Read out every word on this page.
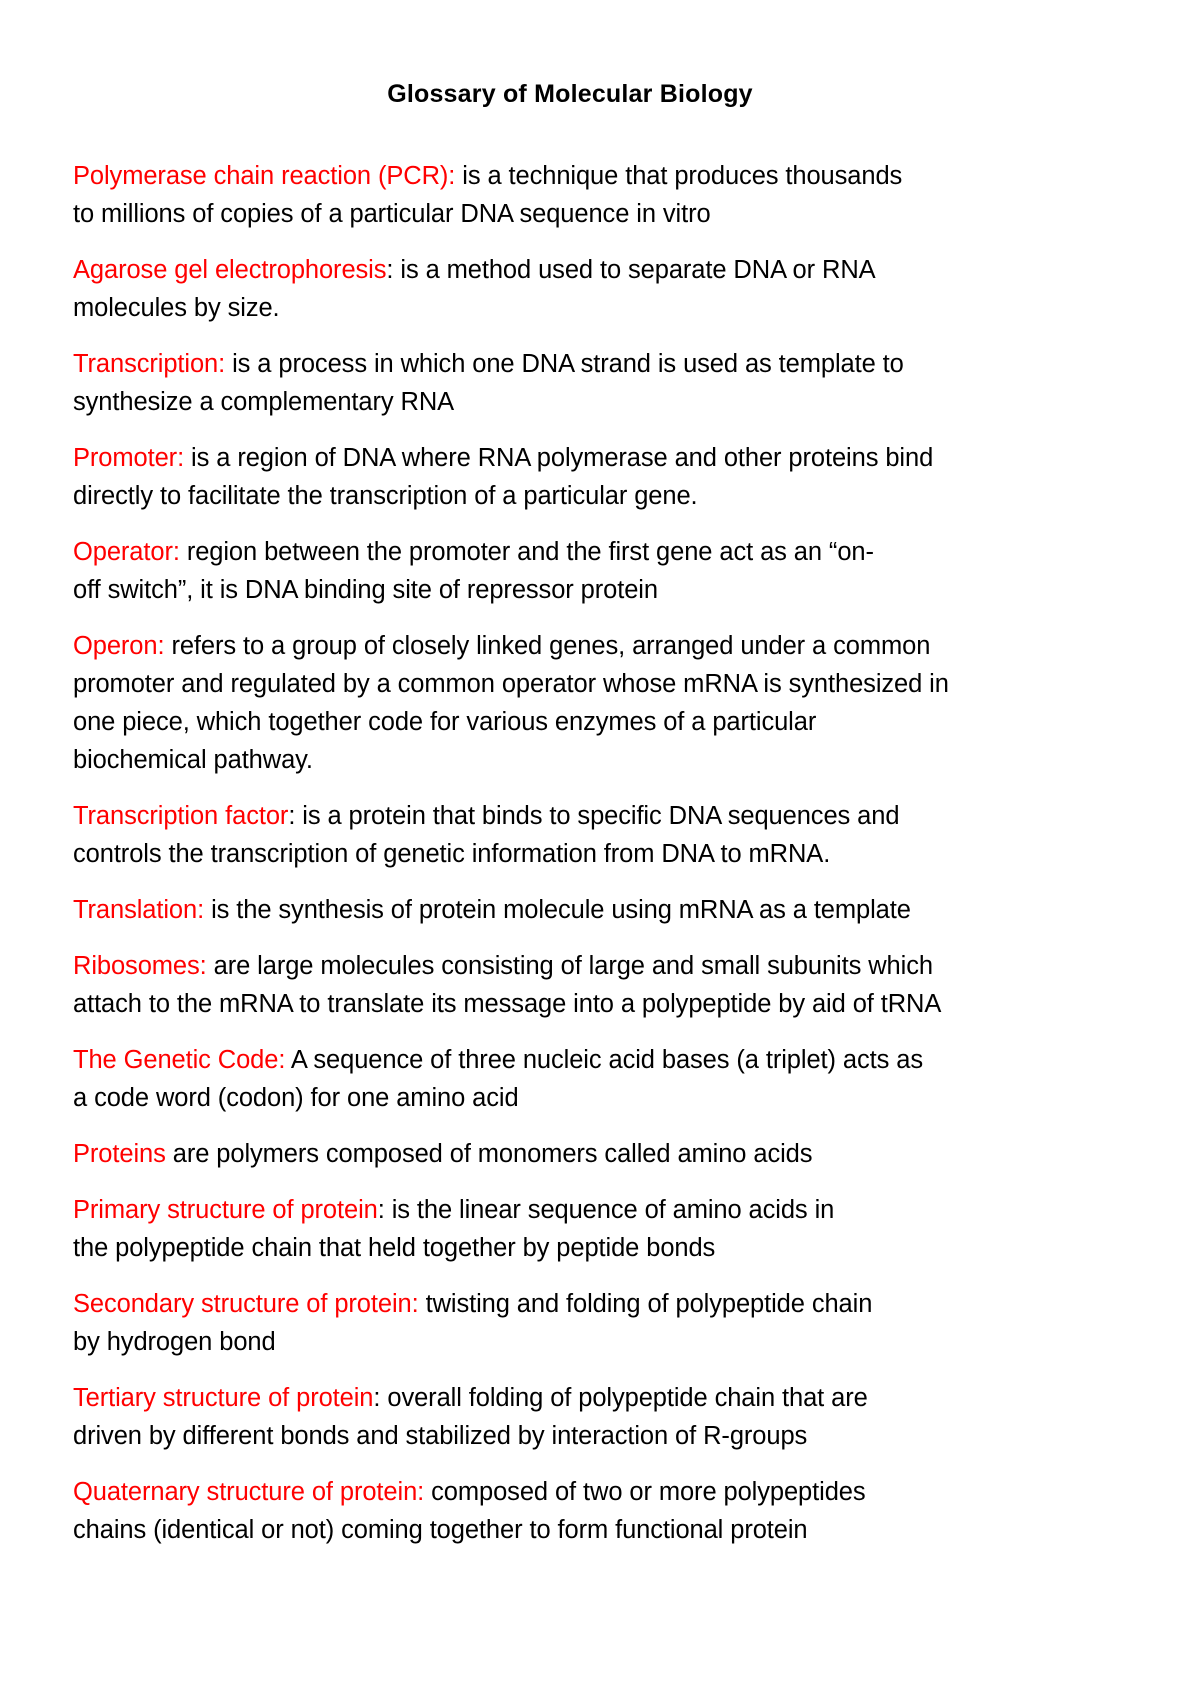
Glossary of Molecular Biology
Polymerase chain reaction (PCR): is a technique that produces thousands
to millions of copies of a particular DNA sequence in vitro
Agarose gel electrophoresis: is a method used to separate DNA or RNA
molecules by size.
Transcription: is a process in which one DNA strand is used as template to
synthesize a complementary RNA
Promoter: is a region of DNA where RNA polymerase and other proteins bind
directly to facilitate the transcription of a particular gene.
Operator: region between the promoter and the first gene act as an “on-
off switch”, it is DNA binding site of repressor protein
Operon: refers to a group of closely linked genes, arranged under a common
promoter and regulated by a common operator whose mRNA is synthesized in
one piece, which together code for various enzymes of a particular
biochemical pathway.
Transcription factor: is a protein that binds to specific DNA sequences and
controls the transcription of genetic information from DNA to mRNA.
Translation: is the synthesis of protein molecule using mRNA as a template
Ribosomes: are large molecules consisting of large and small subunits which
attach to the mRNA to translate its message into a polypeptide by aid of tRNA
The Genetic Code: A sequence of three nucleic acid bases (a triplet) acts as
a code word (codon) for one amino acid
Proteins are polymers composed of monomers called amino acids
Primary structure of protein: is the linear sequence of amino acids in
the polypeptide chain that held together by peptide bonds
Secondary structure of protein: twisting and folding of polypeptide chain
by hydrogen bond
Tertiary structure of protein: overall folding of polypeptide chain that are
driven by different bonds and stabilized by interaction of R-groups
Quaternary structure of protein: composed of two or more polypeptides
chains (identical or not) coming together to form functional protein
